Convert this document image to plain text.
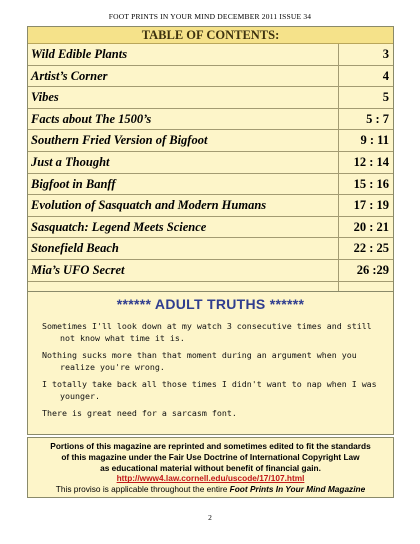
FOOT PRINTS IN YOUR MIND DECEMBER 2011 ISSUE 34
TABLE OF CONTENTS:
Wild Edible Plants	3
Artist’s Corner	4
Vibes	5
Facts about The 1500’s	5 : 7
Southern Fried Version of Bigfoot	9 : 11
Just a Thought	12 : 14
Bigfoot in Banff	15 : 16
Evolution of Sasquatch and Modern Humans	17 : 19
Sasquatch: Legend Meets Science	20 : 21
Stonefield Beach	22 : 25
Mia’s UFO Secret	26 :29
****** ADULT TRUTHS ******
Sometimes I'll look down at my watch 3 consecutive times and still not know what time it is.
Nothing sucks more than that moment during an argument when you realize you're wrong.
I totally take back all those times I didn't want to nap when I was younger.
There is great need for a sarcasm font.
Portions of this magazine are reprinted and sometimes edited to fit the standards
of this magazine under the Fair Use Doctrine of International Copyright Law
as educational material without benefit of financial gain.
http://www4.law.cornell.edu/uscode/17/107.html
This proviso is applicable throughout the entire Foot Prints In Your Mind Magazine
2
